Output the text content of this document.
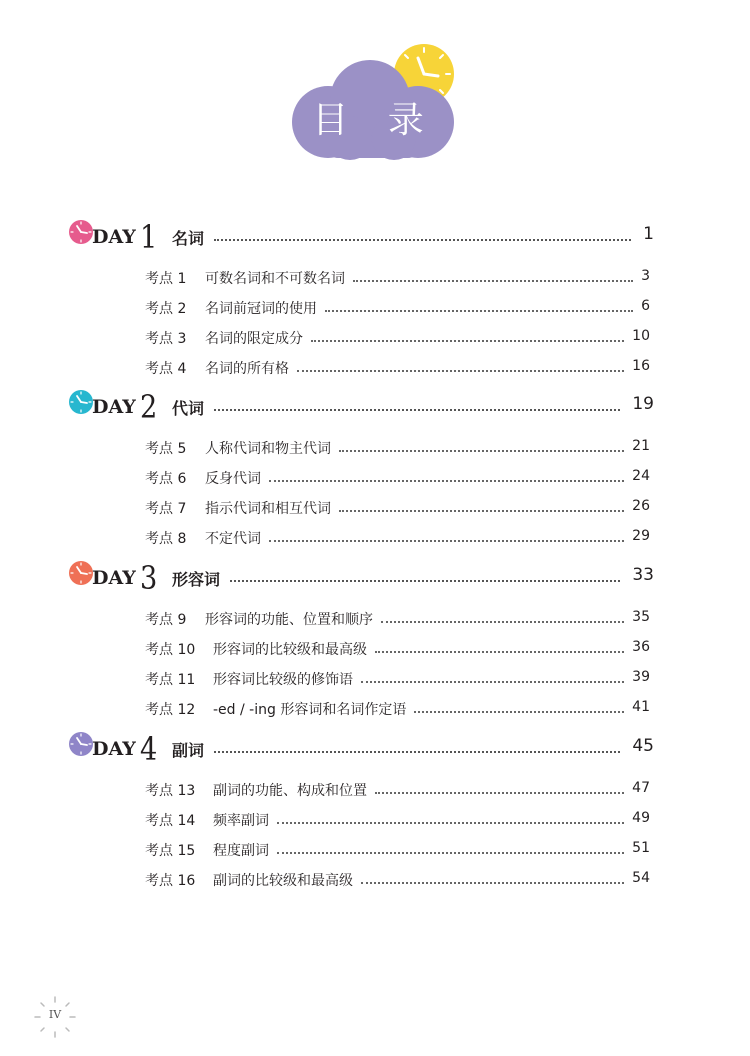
目 录
DAY 1 名词	1
考点 1 可数名词和不可数名词	3
考点 2 名词前冠词的使用	6
考点 3 名词的限定成分	10
考点 4 名词的所有格	16
DAY 2 代词	19
考点 5 人称代词和物主代词	21
考点 6 反身代词	24
考点 7 指示代词和相互代词	26
考点 8 不定代词	29
DAY 3 形容词	33
考点 9 形容词的功能、位置和顺序	35
考点 10 形容词的比较级和最高级	36
考点 11 形容词比较级的修饰语	39
考点 12 -ed / -ing 形容词和名词作定语	41
DAY 4 副词	45
考点 13 副词的功能、构成和位置	47
考点 14 频率副词	49
考点 15 程度副词	51
考点 16 副词的比较级和最高级	54
IV
